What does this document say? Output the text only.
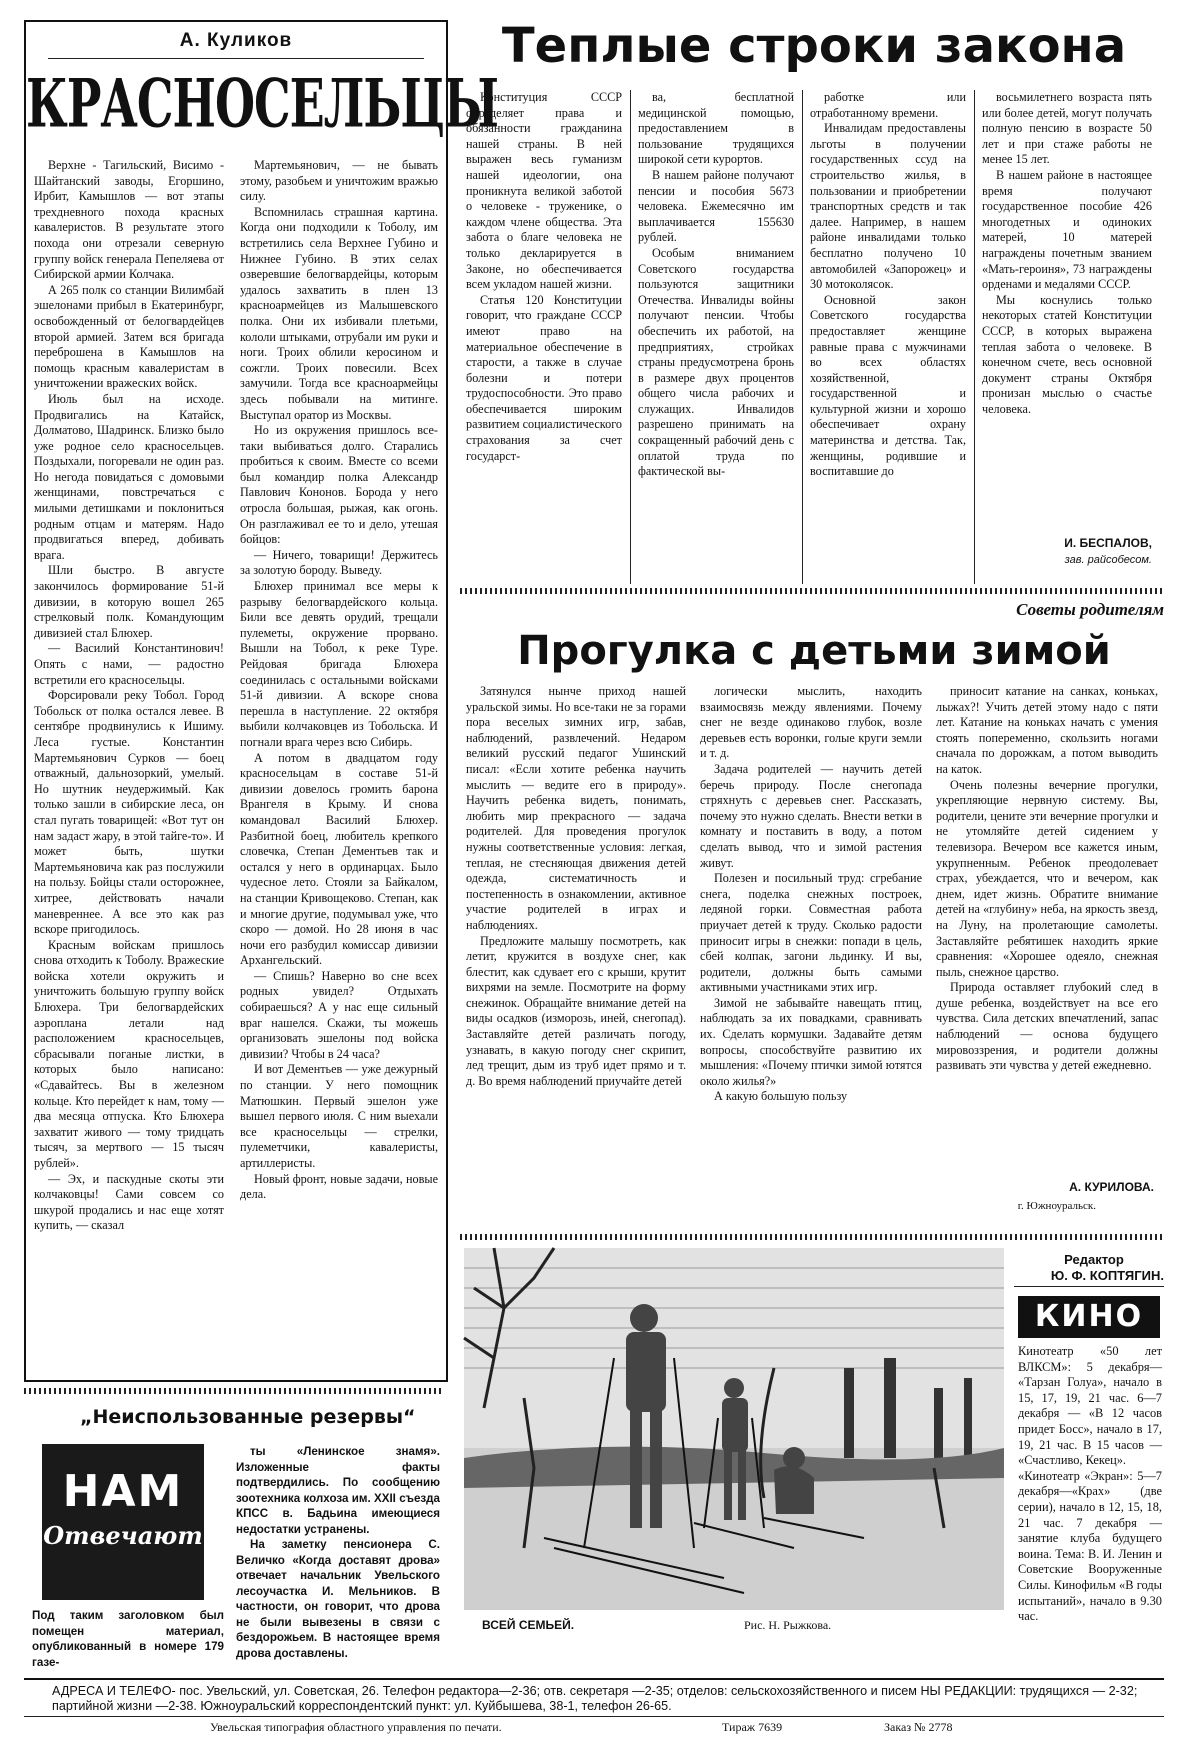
А. Куликов
КРАСНОСЕЛЬЦЫ

Верхне - Тагильский, Висимо - Шайтанский заводы, Егоршино, Ирбит, Камышлов — вот этапы трехдневного похода красных кавалеристов. В результате этого похода они отрезали северную группу войск генерала Пепеляева от Сибирской армии Колчака.

А 265 полк со станции Вилимбай эшелонами прибыл в Екатеринбург, освобожденный от белогвардейцев второй армией. Затем вся бригада переброшена в Камышлов на помощь красным кавалеристам в уничтожении вражеских войск.

Июль был на исходе. Продвигались на Катайск, Долматово, Шадринск. Близко было уже родное село красносельцев. Поздыхали, погоревали не один раз. Но негода повидаться с домовыми женщинами, повстречаться с милыми детишками и поклониться родным отцам и матерям. Надо продвигаться вперед, добивать врага.

Шли быстро. В августе закончилось формирование 51-й дивизии, в которую вошел 265 стрелковый полк. Командующим дивизией стал Блюхер.

— Василий Константинович! Опять с нами, — радостно встретили его красносельцы.

Форсировали реку Тобол. Город Тобольск от полка остался левее. В сентябре продвинулись к Ишиму. Леса густые. Константин Мартемьянович Сурков — боец отважный, дальнозоркий, умелый. Но шутник неудержимый. Как только зашли в сибирские леса, он стал пугать товарищей: «Вот тут он нам задаст жару, в этой тайге-то». И может быть, шутки Мартемьяновича как раз послужили на пользу. Бойцы стали осторожнее, хитрее, действовать начали маневреннее. А все это как раз вскоре пригодилось.

Красным войскам пришлось снова отходить к Тоболу. Вражеские войска хотели окружить и уничтожить большую группу войск Блюхера. Три белогвардейских аэроплана летали над расположением красносельцев, сбрасывали поганые листки, в которых было написано: «Сдавайтесь. Вы в железном кольце. Кто перейдет к нам, тому — два месяца отпуска. Кто Блюхера захватит живого — тому тридцать тысяч, за мертвого — 15 тысяч рублей».

— Эх, и паскудные скоты эти колчаковцы! Сами совсем со шкурой продались и нас еще хотят купить, — сказал

Мартемьянович, — не бывать этому, разобьем и уничтожим вражью силу.

Вспомнилась страшная картина. Когда они подходили к Тоболу, им встретились села Верхнее Губино и Нижнее Губино. В этих селах озверевшие белогвардейцы, которым удалось захватить в плен 13 красноармейцев из Малышевского полка. Они их избивали плетьми, кололи штыками, отрубали им руки и ноги. Троих облили керосином и сожгли. Троих повесили. Всех замучили. Тогда все красноармейцы здесь побывали на митинге. Выступал оратор из Москвы.

Но из окружения пришлось все-таки выбиваться долго. Старались пробиться к своим. Вместе со всеми был командир полка Александр Павлович Кононов. Борода у него отросла большая, рыжая, как огонь. Он разглаживал ее то и дело, утешая бойцов:

— Ничего, товарищи! Держитесь за золотую бороду. Выведу.

Блюхер принимал все меры к разрыву белогвардейского кольца. Били все девять орудий, трещали пулеметы, окружение прорвано. Вышли на Тобол, к реке Туре. Рейдовая бригада Блюхера соединилась с остальными войсками 51-й дивизии. А вскоре снова перешла в наступление. 22 октября выбили колчаковцев из Тобольска. И погнали врага через всю Сибирь.

А потом в двадцатом году красносельцам в составе 51-й дивизии довелось громить барона Врангеля в Крыму. И снова командовал Василий Блюхер. Разбитной боец, любитель крепкого словечка, Степан Дементьев так и остался у него в ординарцах. Было чудесное лето. Стояли за Байкалом, на станции Кривощеково. Степан, как и многие другие, подумывал уже, что скоро — домой. Но 28 июня в час ночи его разбудил комиссар дивизии Архангельский.

— Спишь? Наверно во сне всех родных увидел? Отдыхать собираешься? А у нас еще сильный враг нашелся. Скажи, ты можешь организовать эшелоны под войска дивизии? Чтобы в 24 часа?

И вот Дементьев — уже дежурный по станции. У него помощник Матюшкин. Первый эшелон уже вышел первого июля. С ним выехали все красносельцы — стрелки, пулеметчики, кавалеристы, артиллеристы.

Новый фронт, новые задачи, новые дела.

Теплые строки закона

Конституция СССР определяет права и обязанности гражданина нашей страны. В ней выражен весь гуманизм нашей идеологии, она проникнута великой заботой о человеке - труженике, о каждом члене общества. Эта забота о благе человека не только декларируется в Законе, но обеспечивается всем укладом нашей жизни.

Статья 120 Конституции говорит, что граждане СССР имеют право на материальное обеспечение в старости, а также в случае болезни и потери трудоспособности. Это право обеспечивается широким развитием социалистического страхования за счет государст-

ва, бесплатной медицинской помощью, предоставлением в пользование трудящихся широкой сети курортов.

В нашем районе получают пенсии и пособия 5673 человека. Ежемесячно им выплачивается 155630 рублей.

Особым вниманием Советского государства пользуются защитники Отечества. Инвалиды войны получают пенсии. Чтобы обеспечить их работой, на предприятиях, стройках страны предусмотрена бронь в размере двух процентов общего числа рабочих и служащих. Инвалидов разрешено принимать на сокращенный рабочий день с оплатой труда по фактической вы-

работке или отработанному времени.

Инвалидам предоставлены льготы в получении государственных ссуд на строительство жилья, в пользовании и приобретении транспортных средств и так далее. Например, в нашем районе инвалидами только бесплатно получено 10 автомобилей «Запорожец» и 30 мотоколясок.

Основной закон Советского государства предоставляет женщине равные права с мужчинами во всех областях хозяйственной, государственной и культурной жизни и хорошо обеспечивает охрану материнства и детства. Так, женщины, родившие и воспитавшие до

восьмилетнего возраста пять или более детей, могут получать полную пенсию в возрасте 50 лет и при стаже работы не менее 15 лет.

В нашем районе в настоящее время получают государственное пособие 426 многодетных и одиноких матерей, 10 матерей награждены почетным званием «Мать-героиня», 73 награждены орденами и медалями СССР.

Мы коснулись только некоторых статей Конституции СССР, в которых выражена теплая забота о человеке. В конечном счете, весь основной документ страны Октября пронизан мыслью о счастье человека.

И. БЕСПАЛОВ,
зав. райсобесом.
Советы родителям
Прогулка с детьми зимой

Затянулся нынче приход нашей уральской зимы. Но все-таки не за горами пора веселых зимних игр, забав, наблюдений, развлечений. Недаром великий русский педагог Ушинский писал: «Если хотите ребенка научить мыслить — ведите его в природу». Научить ребенка видеть, понимать, любить мир прекрасного — задача родителей. Для проведения прогулок нужны соответственные условия: легкая, теплая, не стесняющая движения детей одежда, систематичность и постепенность в ознакомлении, активное участие родителей в играх и наблюдениях.

Предложите малышу посмотреть, как летит, кружится в воздухе снег, как блестит, как сдувает его с крыши, крутит вихрями на земле. Посмотрите на форму снежинок. Обращайте внимание детей на виды осадков (изморозь, иней, снегопад). Заставляйте детей различать погоду, узнавать, в какую погоду снег скрипит, лед трещит, дым из труб идет прямо и т. д. Во время наблюдений приучайте детей

логически мыслить, находить взаимосвязь между явлениями. Почему снег не везде одинаково глубок, возле деревьев есть воронки, голые круги земли и т. д.

Задача родителей — научить детей беречь природу. После снегопада стряхнуть с деревьев снег. Рассказать, почему это нужно сделать. Внести ветки в комнату и поставить в воду, а потом сделать вывод, что и зимой растения живут.

Полезен и посильный труд: сгребание снега, поделка снежных построек, ледяной горки. Совместная работа приучает детей к труду. Сколько радости приносит игры в снежки: попади в цель, сбей колпак, загони льдинку. И вы, родители, должны быть самыми активными участниками этих игр.

Зимой не забывайте навещать птиц, наблюдать за их повадками, сравнивать их. Сделать кормушки. Задавайте детям вопросы, способствуйте развитию их мышления: «Почему птички зимой ютятся около жилья?»

А какую большую пользу

приносит катание на санках, коньках, лыжах?! Учить детей этому надо с пяти лет. Катание на коньках начать с умения стоять попеременно, скользить ногами сначала по дорожкам, а потом выводить на каток.

Очень полезны вечерние прогулки, укрепляющие нервную систему. Вы, родители, цените эти вечерние прогулки и не утомляйте детей сидением у телевизора. Вечером все кажется иным, укрупненным. Ребенок преодолевает страх, убеждается, что и вечером, как днем, идет жизнь. Обратите внимание детей на «глубину» неба, на яркость звезд, на Луну, на пролетающие самолеты. Заставляйте ребятишек находить яркие сравнения: «Хорошее одеяло, снежная пыль, снежное царство.

Природа оставляет глубокий след в душе ребенка, воздействует на все его чувства. Сила детских впечатлений, запас наблюдений — основа будущего мировоззрения, и родители должны развивать эти чувства у детей ежедневно.

А. КУРИЛОВА.
г. Южноуральск.
ВСЕЙ СЕМЬЕЙ.	Рис. Н. Рыжкова.
Редактор
Ю. Ф. КОПТЯГИН.
КИНО

Кинотеатр «50 лет ВЛКСМ»: 5 декабря— «Тарзан Голуа», начало в 15, 17, 19, 21 час. 6—7 декабря — «В 12 часов придет Босс», начало в 17, 19, 21 час. В 15 часов — «Счастливо, Кекец».

«Кинотеатр «Экран»: 5—7 декабря—«Крах» (две серии), начало в 12, 15, 18, 21 час. 7 декабря — занятие клуба будущего воина. Тема: В. И. Ленин и Советские Вооруженные Силы. Кинофильм «В годы испытаний», начало в 9.30 час.

„Неиспользованные резервы“
НАМ
Отвечают

Под таким заголовком был помещен материал, опубликованный в номере 179 газе-

ты «Ленинское знамя». Изложенные факты подтвердились. По сообщению зоотехника колхоза им. XXII съезда КПСС в. Бадьина имеющиеся недостатки устранены.

На заметку пенсионера С. Величко «Когда доставят дрова» отвечает начальник Увельского лесоучастка И. Мельников. В частности, он говорит, что дрова не были вывезены в связи с бездорожьем. В настоящее время дрова доставлены.

АДРЕСА И ТЕЛЕФО- пос. Увельский, ул. Советская, 26. Телефон редактора—2-36; отв. секретаря —2-35; отделов: сельскохозяйственного и писем НЫ РЕДАКЦИИ: трудящихся — 2-32; партийной жизни —2-38. Южноуральский корреспондентский пункт: ул. Куйбышева, 38-1, телефон 26-65.
Увельская типография областного управления по печати.	Тираж 7639	Заказ № 2778
